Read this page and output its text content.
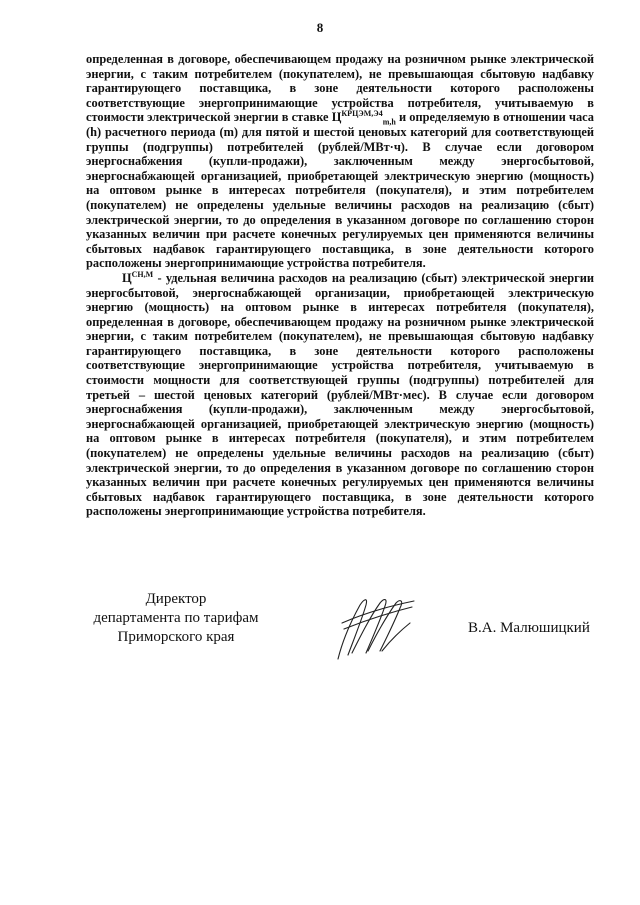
8

определенная в договоре, обеспечивающем продажу на розничном рынке электрической энергии, с таким потребителем (покупателем), не превышающая сбытовую надбавку гарантирующего поставщика, в зоне деятельности которого расположены соответствующие энергопринимающие устройства потребителя, учитываемую в стоимости электрической энергии в ставке $Ц^{КРЦЭМ,Э4}_{m,h}$ и определяемую в отношении часа (h) расчетного периода (m) для пятой и шестой ценовых категорий для соответствующей группы (подгруппы) потребителей (рублей/МВт·ч). В случае если договором энергоснабжения (купли-продажи), заключенным между энергосбытовой, энергоснабжающей организацией, приобретающей электрическую энергию (мощность) на оптовом рынке в интересах потребителя (покупателя), и этим потребителем (покупателем) не определены удельные величины расходов на реализацию (сбыт) электрической энергии, то до определения в указанном договоре по соглашению сторон указанных величин при расчете конечных регулируемых цен применяются величины сбытовых надбавок гарантирующего поставщика, в зоне деятельности которого расположены энергопринимающие устройства потребителя.

$Ц^{СН,М}$ - удельная величина расходов на реализацию (сбыт) электрической энергии энергосбытовой, энергоснабжающей организации, приобретающей электрическую энергию (мощность) на оптовом рынке в интересах потребителя (покупателя), определенная в договоре, обеспечивающем продажу на розничном рынке электрической энергии, с таким потребителем (покупателем), не превышающая сбытовую надбавку гарантирующего поставщика, в зоне деятельности которого расположены соответствующие энергопринимающие устройства потребителя, учитываемую в стоимости мощности для соответствующей группы (подгруппы) потребителей для третьей – шестой ценовых категорий (рублей/МВт·мес). В случае если договором энергоснабжения (купли-продажи), заключенным между энергосбытовой, энергоснабжающей организацией, приобретающей электрическую энергию (мощность) на оптовом рынке в интересах потребителя (покупателя), и этим потребителем (покупателем) не определены удельные величины расходов на реализацию (сбыт) электрической энергии, то до определения в указанном договоре по соглашению сторон указанных величин при расчете конечных регулируемых цен применяются величины сбытовых надбавок гарантирующего поставщика, в зоне деятельности которого расположены энергопринимающие устройства потребителя.

Директор
департамента по тарифам
Приморского края
В.А. Малюшицкий
